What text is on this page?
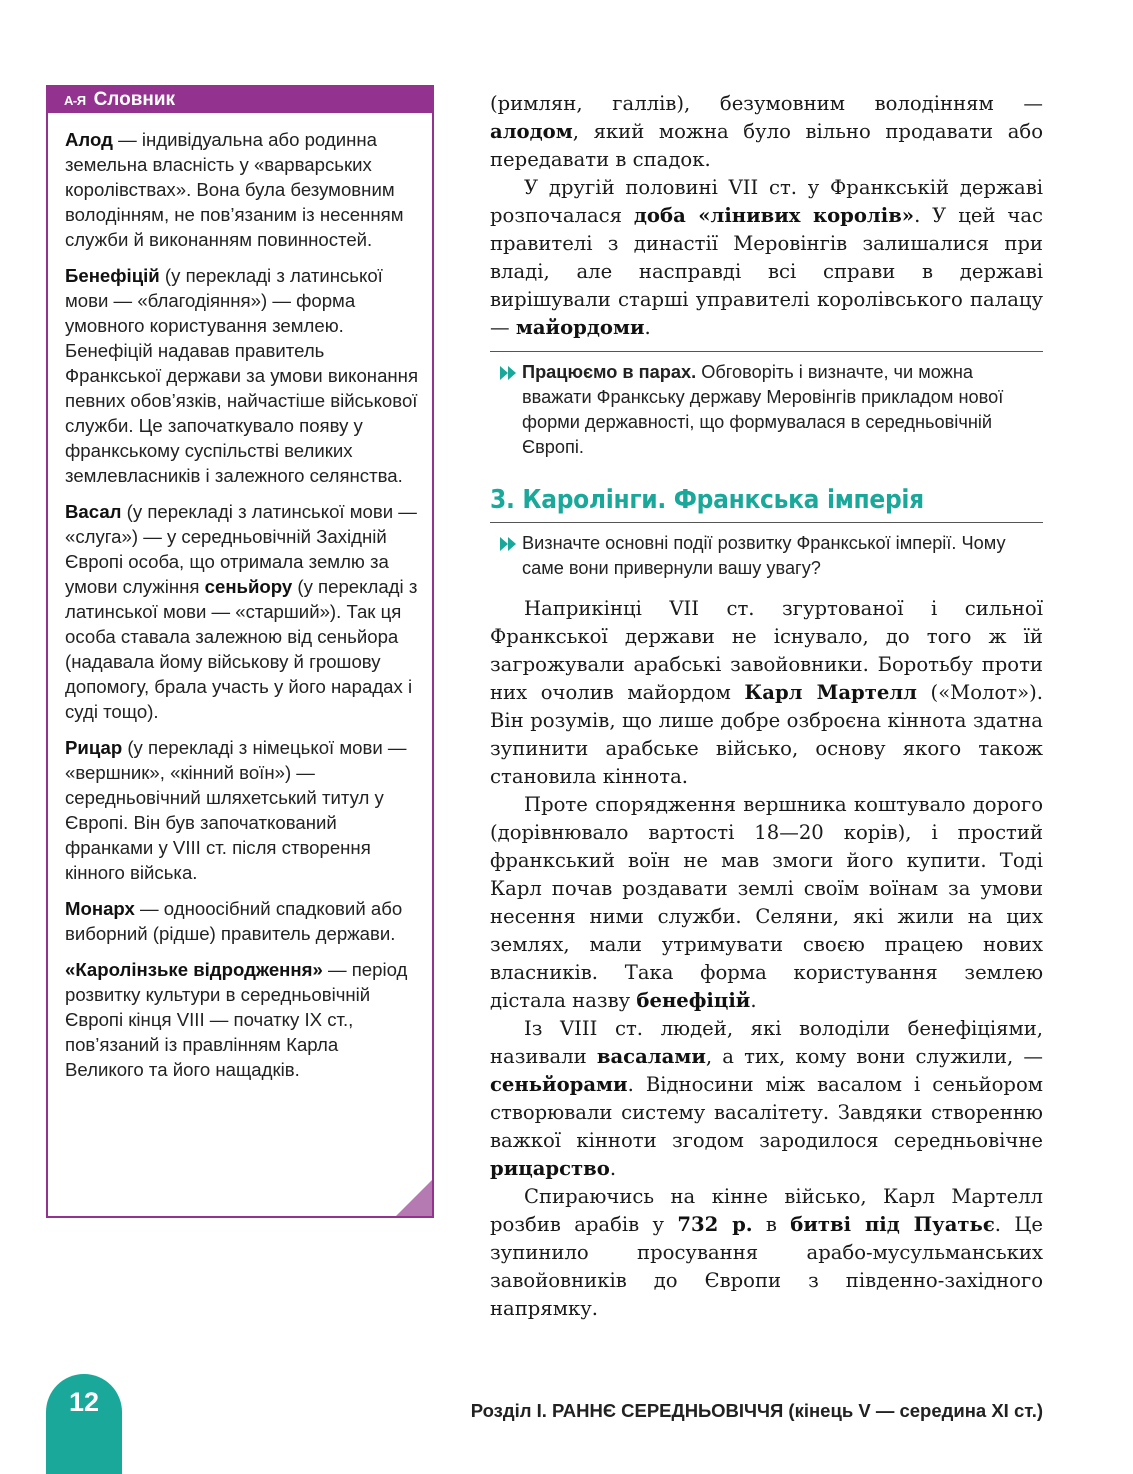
А-Я Словник

Алод — індивідуальна або родинна земельна власність у «варварських королівствах». Вона була безумовним володінням, не пов’язаним із несенням служби й виконанням повинностей.

Бенефіцій (у перекладі з латинської мови — «благодіяння») — форма умовного користування землею. Бенефіцій надавав правитель Франкської держави за умови виконання певних обов’язків, найчастіше військової служби. Це започаткувало появу у франкському суспільстві великих землевласників і залежного селянства.

Васал (у перекладі з латинської мови — «слуга») — у середньовічній Західній Європі особа, що отримала землю за умови служіння сеньйору (у перекладі з латинської мови — «старший»). Так ця особа ставала залежною від сеньйора (надавала йому військову й грошову допомогу, брала участь у його нарадах і суді тощо).

Рицар (у перекладі з німецької мови — «вершник», «кінний воїн») — середньовічний шляхетський титул у Європі. Він був започаткований франками у VIII ст. після створення кінного війська.

Монарх — одноосібний спадковий або виборний (рідше) правитель держави.

«Каролінзьке відродження» — період розвитку культури в середньовічній Європі кінця VIII — початку IX ст., пов’язаний із правлінням Карла Великого та його нащадків.

(римлян, галлів), безумовним володінням — алодом, який можна було вільно продавати або передавати в спадок.

У другій половині VII ст. у Франкській державі розпочалася доба «лінивих королів». У цей час правителі з династії Меровінгів залишалися при владі, але насправді всі справи в державі вирішували старші управителі королівського палацу — майордоми.

Працюємо в парах. Обговоріть і визначте, чи можна вважати Франкську державу Меровінгів прикладом нової форми державності, що формувалася в середньовічній Європі.
3. Каролінги. Франкська імперія
Визначте основні події розвитку Франкської імперії. Чому саме вони привернули вашу увагу?

Наприкінці VII ст. згуртованої і сильної Франкської держави не існувало, до того ж їй загрожували арабські завойовники. Боротьбу проти них очолив майордом Карл Мартелл («Молот»). Він розумів, що лише добре озброєна кіннота здатна зупинити арабське військо, основу якого також становила кіннота.

Проте спорядження вершника коштувало дорого (дорівнювало вартості 18—20 корів), і простий франкський воїн не мав змоги його купити. Тоді Карл почав роздавати землі своїм воїнам за умови несення ними служби. Селяни, які жили на цих землях, мали утримувати своєю працею нових власників. Така форма користування землею дістала назву бенефіцій.

Із VIII ст. людей, які володіли бенефіціями, називали васалами, а тих, кому вони служили, — сеньйорами. Відносини між васалом і сеньйором створювали систему васалітету. Завдяки створенню важкої кінноти згодом зародилося середньовічне рицарство.

Спираючись на кінне військо, Карл Мартелл розбив арабів у 732 р. в битві під Пуатьє. Це зупинило просування арабо-мусульманських завойовників до Європи з південно-західного напрямку.

12	Розділ І. РАННЄ СЕРЕДНЬОВІЧЧЯ (кінець V — середина XI ст.)
